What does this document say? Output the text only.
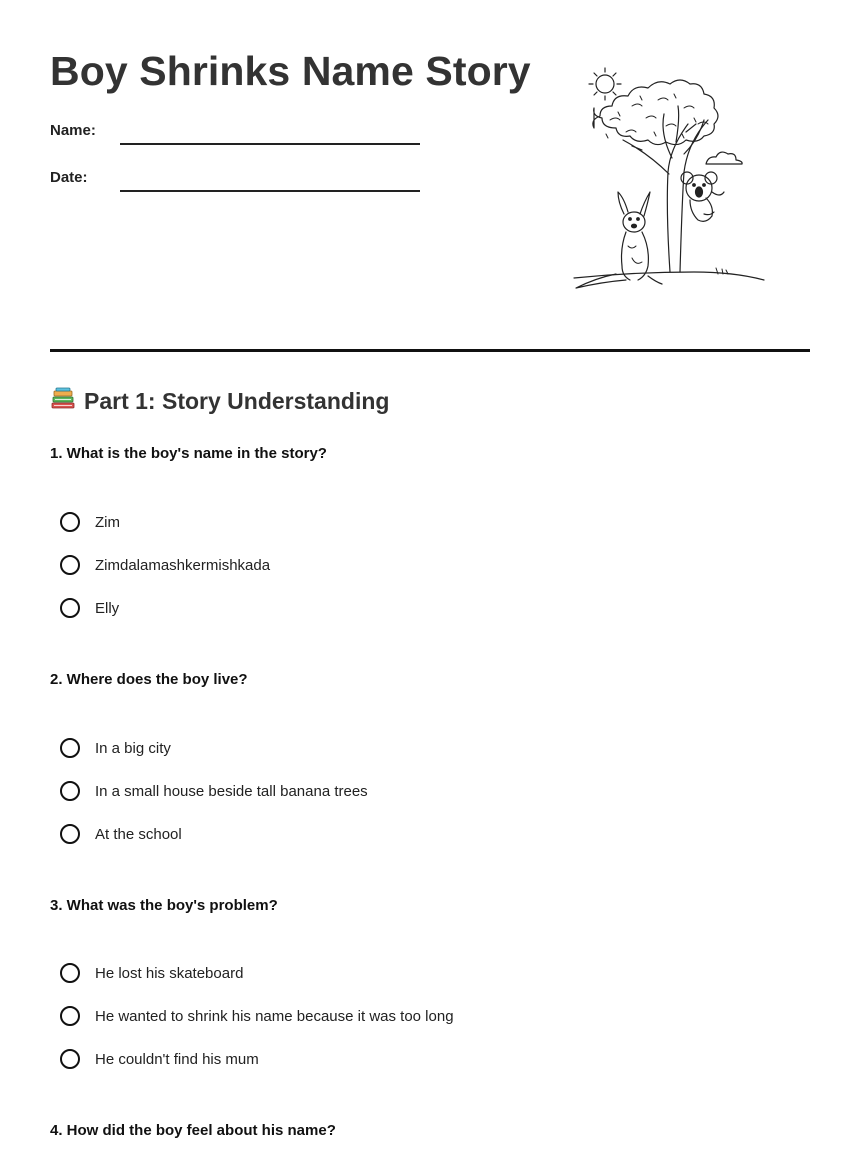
Boy Shrinks Name Story
Name:
Date:
Part 1: Story Understanding

1. What is the boy's name in the story?

Zim
Zimdalamashkermishkada
Elly

2. Where does the boy live?

In a big city
In a small house beside tall banana trees
At the school

3. What was the boy's problem?

He lost his skateboard
He wanted to shrink his name because it was too long
He couldn't find his mum

4. How did the boy feel about his name?
